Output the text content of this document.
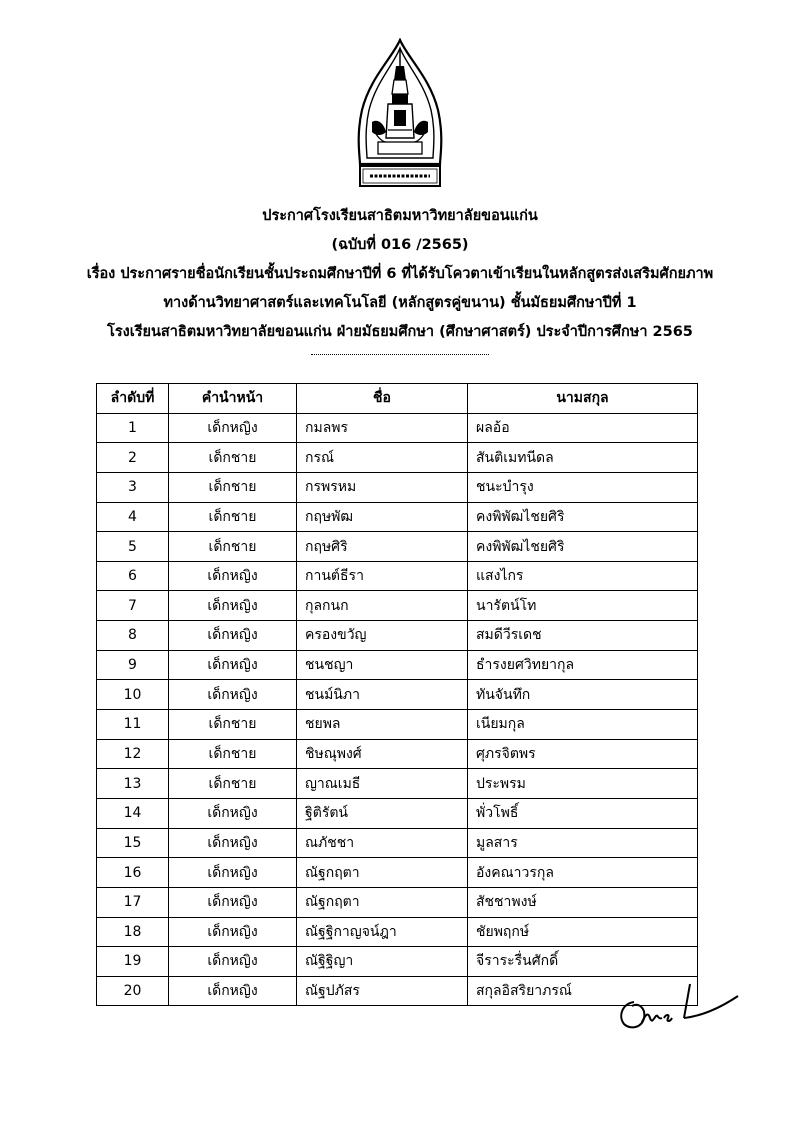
ประกาศโรงเรียนสาธิตมหาวิทยาลัยขอนแก่น
(ฉบับที่ 016 /2565)
เรื่อง ประกาศรายชื่อนักเรียนชั้นประถมศึกษาปีที่ 6 ที่ได้รับโควตาเข้าเรียนในหลักสูตรส่งเสริมศักยภาพ
ทางด้านวิทยาศาสตร์และเทคโนโลยี (หลักสูตรคู่ขนาน) ชั้นมัธยมศึกษาปีที่ 1
โรงเรียนสาธิตมหาวิทยาลัยขอนแก่น ฝ่ายมัธยมศึกษา (ศึกษาศาสตร์) ประจำปีการศึกษา 2565
ลำดับที่	คำนำหน้า	ชื่อ	นามสกุล
1	เด็กหญิง	กมลพร	ผลอ้อ
2	เด็กชาย	กรณ์	สันติเมทนีดล
3	เด็กชาย	กรพรหม	ชนะบำรุง
4	เด็กชาย	กฤษพัฒ	คงพิพัฒไชยศิริ
5	เด็กชาย	กฤษศิริ	คงพิพัฒไชยศิริ
6	เด็กหญิง	กานต์ธีรา	แสงไกร
7	เด็กหญิง	กุลกนก	นารัตน์โท
8	เด็กหญิง	ครองขวัญ	สมดีวีรเดช
9	เด็กหญิง	ชนชญา	ธำรงยศวิทยากุล
10	เด็กหญิง	ชนม์นิภา	ทันจันทึก
11	เด็กชาย	ชยพล	เนียมกุล
12	เด็กชาย	ชิษณุพงศ์	ศุภรจิตพร
13	เด็กชาย	ญาณเมธี	ประพรม
14	เด็กหญิง	ฐิติรัตน์	พั่วโพธิ์
15	เด็กหญิง	ณภัชชา	มูลสาร
16	เด็กหญิง	ณัฐกฤตา	อังคณาวรกุล
17	เด็กหญิง	ณัฐกฤตา	สัชชาพงษ์
18	เด็กหญิง	ณัฐฐิกาญจน์ฎา	ชัยพฤกษ์
19	เด็กหญิง	ณัฐิฐิญา	จีราระรื่นศักดิ์
20	เด็กหญิง	ณัฐปภัสร	สกุลอิสริยาภรณ์
